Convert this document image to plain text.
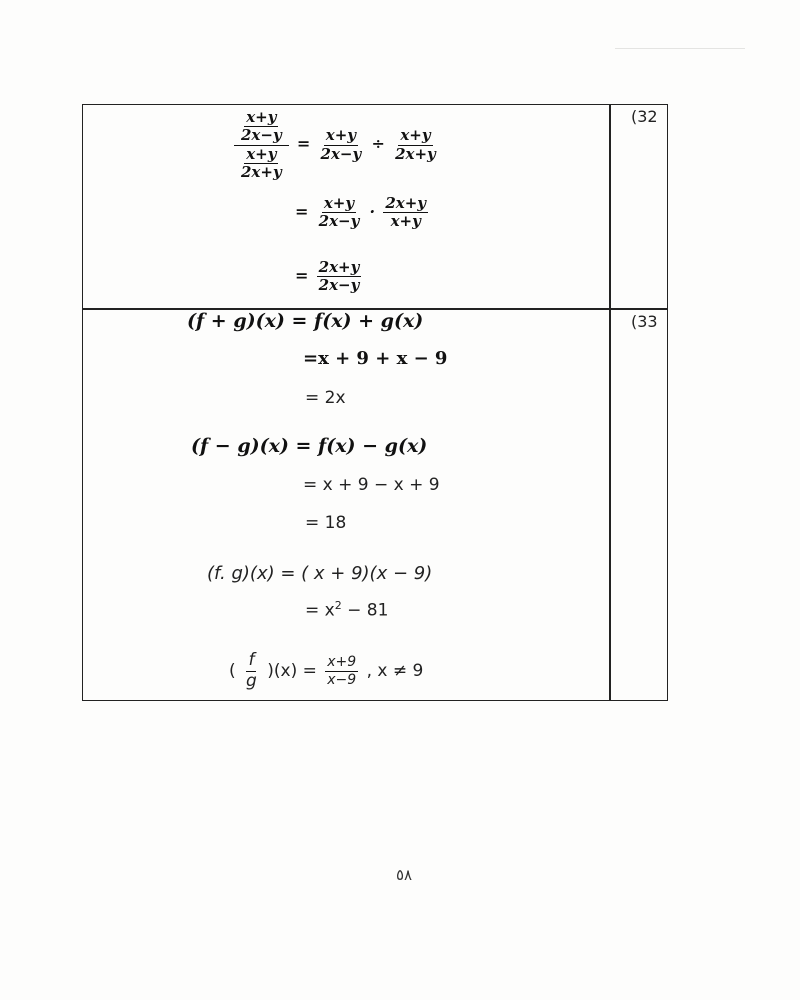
(32
$\frac{\frac{x+y}{2x-y}}{\frac{x+y}{2x+y}} = \frac{x+y}{2x-y} \div \frac{x+y}{2x+y}$
= $\frac{x+y}{2x-y} \cdot \frac{2x+y}{x+y}$
= $\frac{2x+y}{2x-y}$
(33
(f + g)(x) = f(x) + g(x)
=x + 9 + x − 9
= 2x
(f − g)(x) = f(x) − g(x)
= x + 9 − x + 9
= 18
(f. g)(x) = ( x + 9)(x − 9)
= $x^2 - 81$
( $\frac{f}{g} )(x) = \frac{x+9}{x-9}$ , x ≠ 9
٥٨
